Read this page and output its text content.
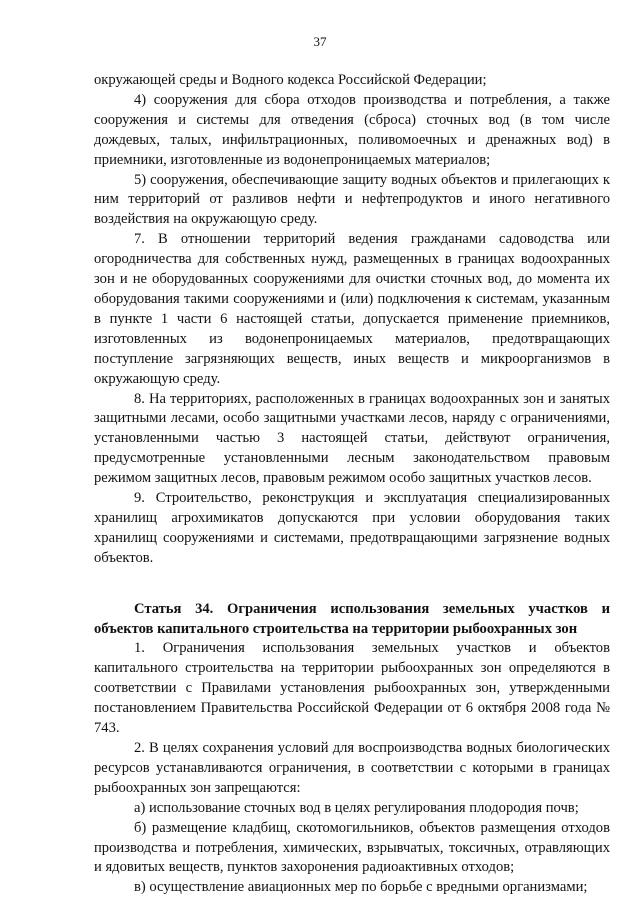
37

окружающей среды и Водного кодекса Российской Федерации;

4) сооружения для сбора отходов производства и потребления, а также сооружения и системы для отведения (сброса) сточных вод (в том числе дождевых, талых, инфильтрационных, поливомоечных и дренажных вод) в приемники, изготовленные из водонепроницаемых материалов;

5) сооружения, обеспечивающие защиту водных объектов и прилегающих к ним территорий от разливов нефти и нефтепродуктов и иного негативного воздействия на окружающую среду.

7. В отношении территорий ведения гражданами садоводства или огородничества для собственных нужд, размещенных в границах водоохранных зон и не оборудованных сооружениями для очистки сточных вод, до момента их оборудования такими сооружениями и (или) подключения к системам, указанным в пункте 1 части 6 настоящей статьи, допускается применение приемников, изготовленных из водонепроницаемых материалов, предотвращающих поступление загрязняющих веществ, иных веществ и микроорганизмов в окружающую среду.

8. На территориях, расположенных в границах водоохранных зон и занятых защитными лесами, особо защитными участками лесов, наряду с ограничениями, установленными частью 3 настоящей статьи, действуют ограничения, предусмотренные установленными лесным законодательством правовым режимом защитных лесов, правовым режимом особо защитных участков лесов.

9. Строительство, реконструкция и эксплуатация специализированных хранилищ агрохимикатов допускаются при условии оборудования таких хранилищ сооружениями и системами, предотвращающими загрязнение водных объектов.

Статья 34. Ограничения использования земельных участков и объектов капитального строительства на территории рыбоохранных зон

1. Ограничения использования земельных участков и объектов капитального строительства на территории рыбоохранных зон определяются в соответствии с Правилами установления рыбоохранных зон, утвержденными постановлением Правительства Российской Федерации от 6 октября 2008 года № 743.

2. В целях сохранения условий для воспроизводства водных биологических ресурсов устанавливаются ограничения, в соответствии с которыми в границах рыбоохранных зон запрещаются:

а) использование сточных вод в целях регулирования плодородия почв;

б) размещение кладбищ, скотомогильников, объектов размещения отходов производства и потребления, химических, взрывчатых, токсичных, отравляющих и ядовитых веществ, пунктов захоронения радиоактивных отходов;

в) осуществление авиационных мер по борьбе с вредными организмами;
